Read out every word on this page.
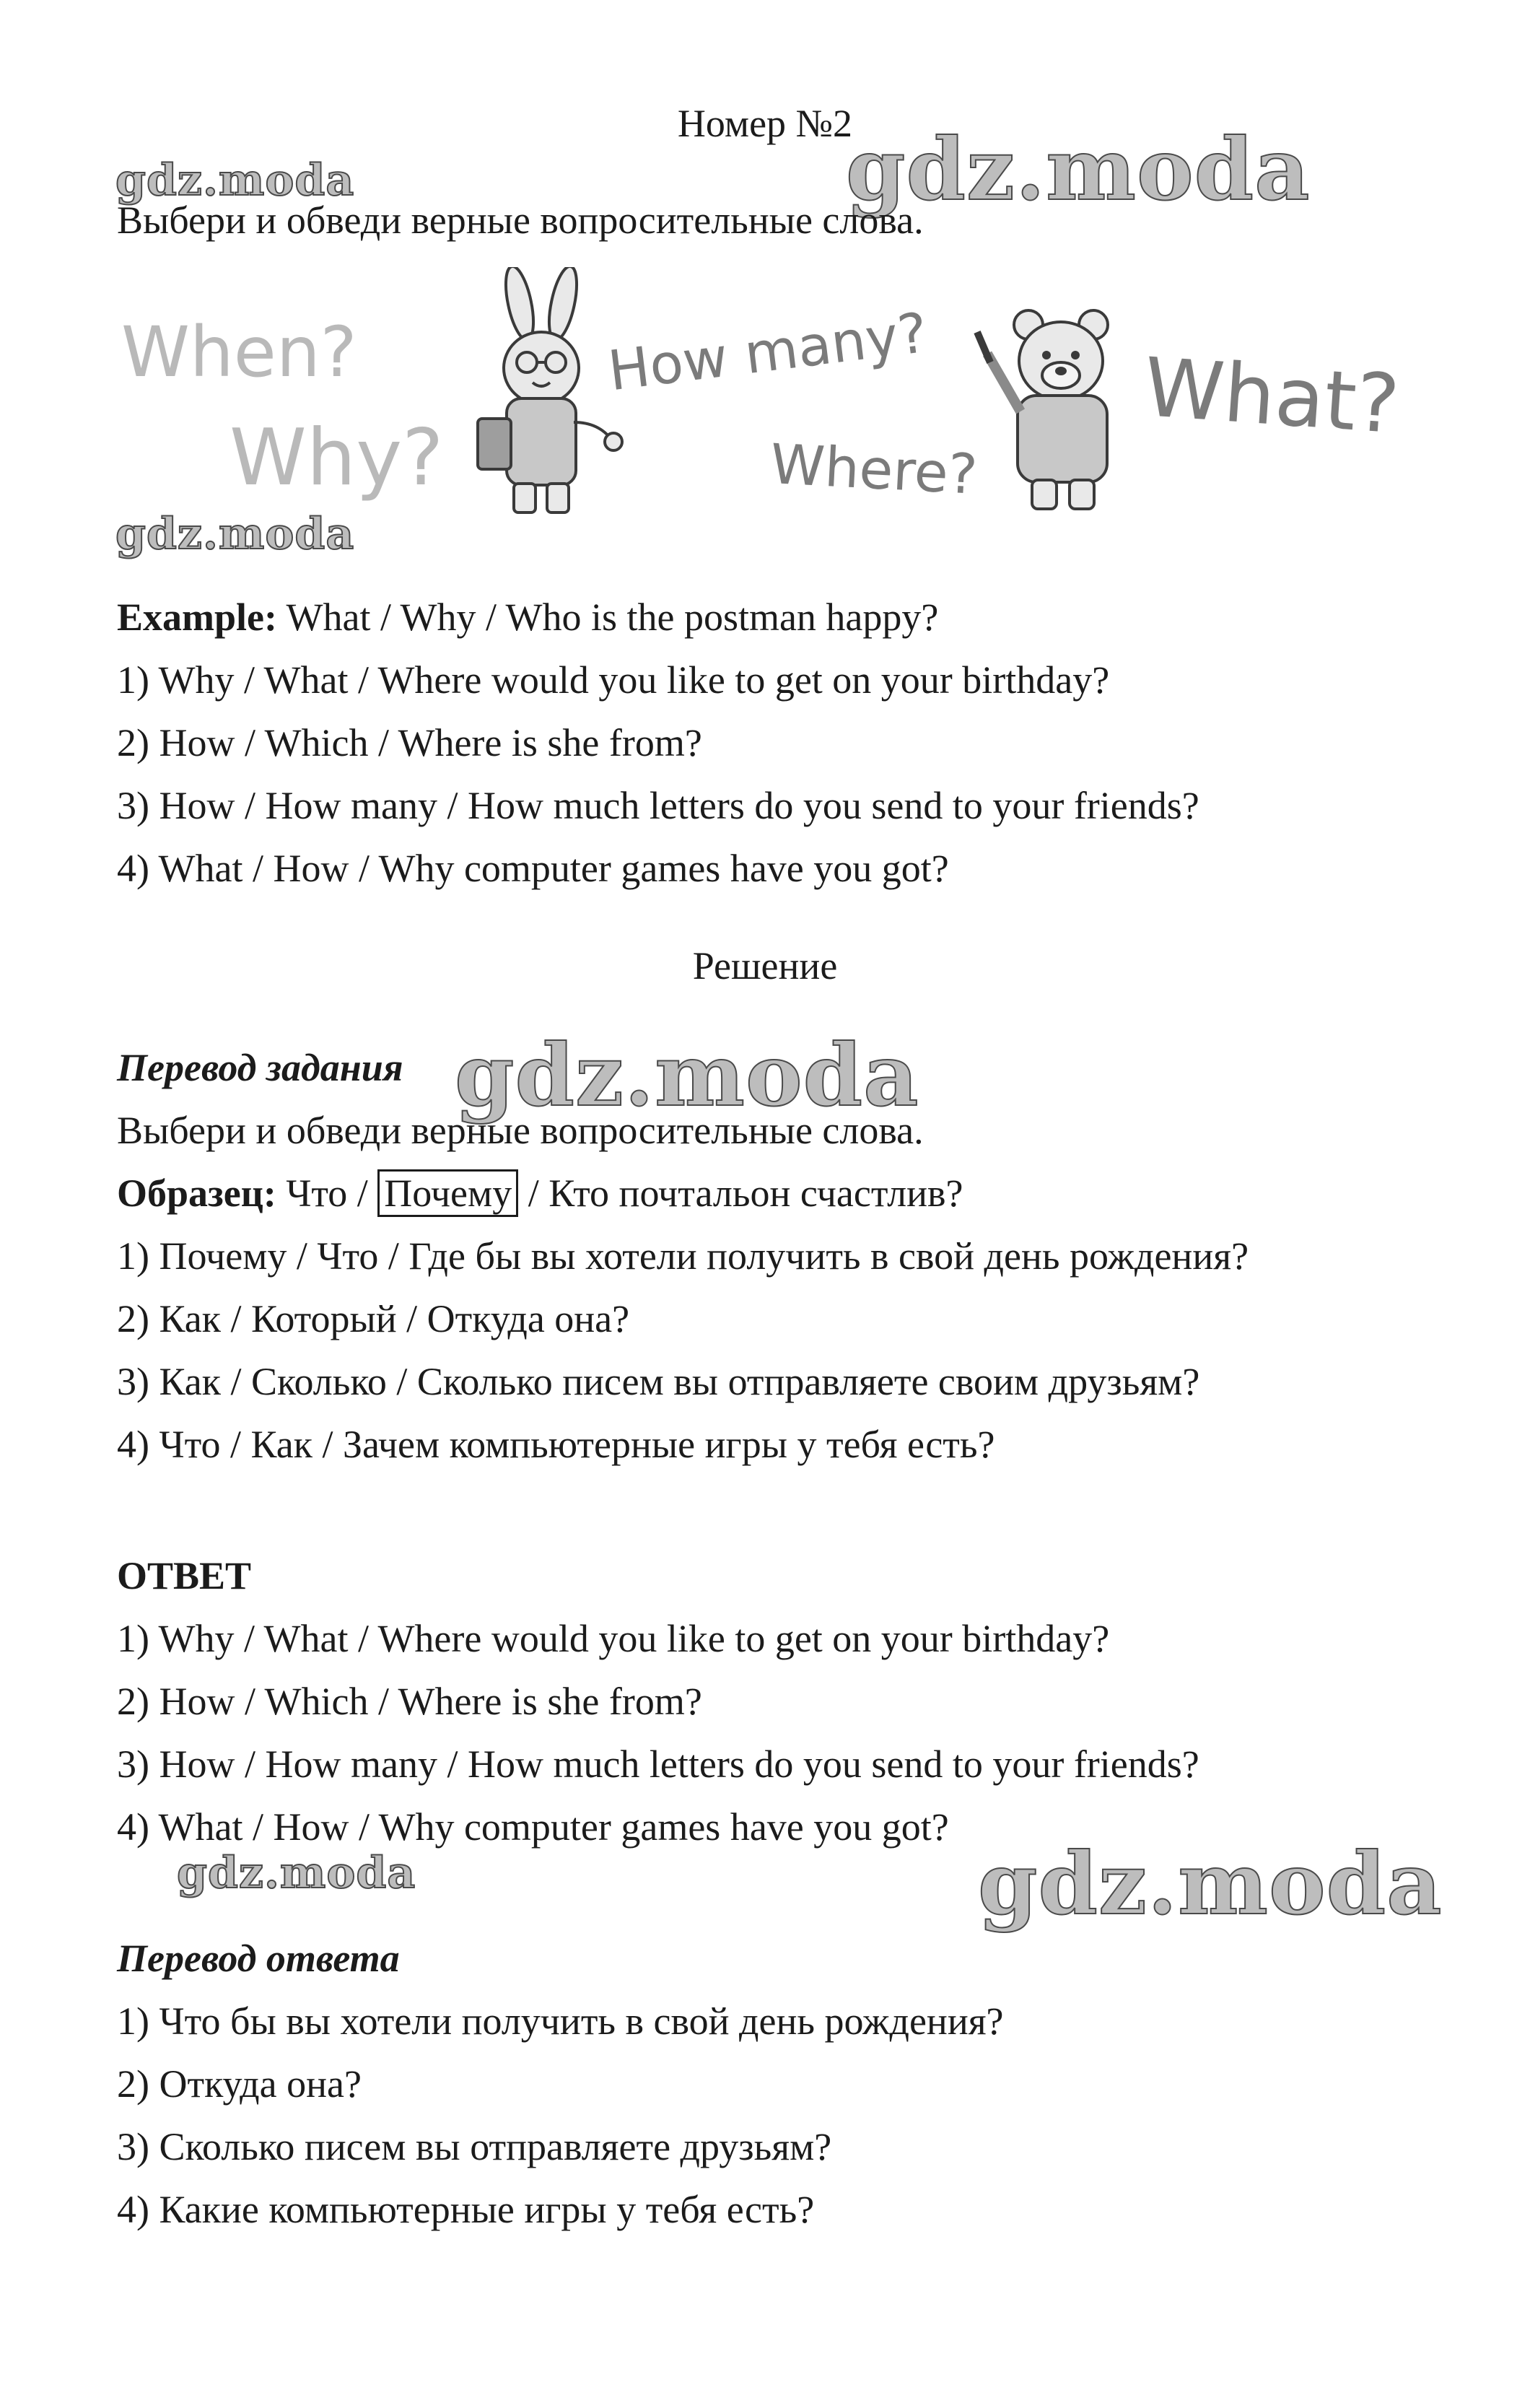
Номер №2
gdz.moda	gdz.moda
gdz.moda
gdz.moda
gdz.moda	gdz.moda
Выбери и обведи верные вопросительные слова.
When?
Why?
How many?
Where?
What?
Example: What / Why / Who is the postman happy?
1) Why / What / Where would you like to get on your birthday?
2) How / Which / Where is she from?
3) How / How many / How much letters do you send to your friends?
4) What / How / Why computer games have you got?
Решение
Перевод задания
Выбери и обведи верные вопросительные слова.
Образец: Что / Почему / Кто почтальон счастлив?
1) Почему / Что / Где бы вы хотели получить в свой день рождения?
2) Как / Который / Откуда она?
3) Как / Сколько / Сколько писем вы отправляете своим друзьям?
4) Что / Как / Зачем компьютерные игры у тебя есть?
ОТВЕТ
1) Why / What / Where would you like to get on your birthday?
2) How / Which / Where is she from?
3) How / How many / How much letters do you send to your friends?
4) What / How / Why computer games have you got?
Перевод ответа
1) Что бы вы хотели получить в свой день рождения?
2) Откуда она?
3) Сколько писем вы отправляете друзьям?
4) Какие компьютерные игры у тебя есть?
